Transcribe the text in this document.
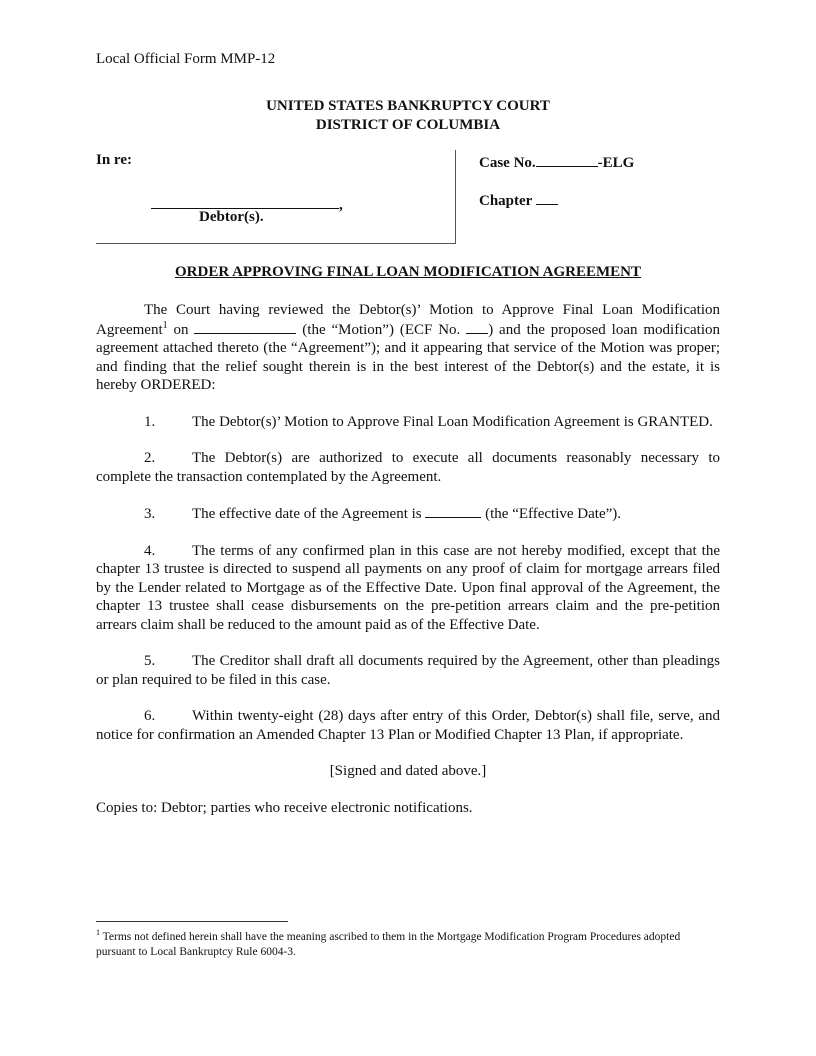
Local Official Form MMP-12
UNITED STATES BANKRUPTCY COURT
DISTRICT OF COLUMBIA
In re:
,
Debtor(s).
Case No.	-ELG
Chapter
ORDER APPROVING FINAL LOAN MODIFICATION AGREEMENT

The Court having reviewed the Debtor(s)’ Motion to Approve Final Loan Modification Agreement$^1$ on	(the “Motion”) (ECF No. ) and the proposed loan modification agreement attached thereto (the “Agreement”); and it appearing that service of the Motion was proper; and finding that the relief sought therein is in the best interest of the Debtor(s) and the estate, it is hereby ORDERED:

1. The Debtor(s)’ Motion to Approve Final Loan Modification Agreement is GRANTED.

2. The Debtor(s) are authorized to execute all documents reasonably necessary to complete the transaction contemplated by the Agreement.

3. The effective date of the Agreement is	(the “Effective Date”).

4. The terms of any confirmed plan in this case are not hereby modified, except that the chapter 13 trustee is directed to suspend all payments on any proof of claim for mortgage arrears filed by the Lender related to Mortgage as of the Effective Date. Upon final approval of the Agreement, the chapter 13 trustee shall cease disbursements on the pre-petition arrears claim and the pre-petition arrears claim shall be reduced to the amount paid as of the Effective Date.

5. The Creditor shall draft all documents required by the Agreement, other than pleadings or plan required to be filed in this case.

6. Within twenty-eight (28) days after entry of this Order, Debtor(s) shall file, serve, and notice for confirmation an Amended Chapter 13 Plan or Modified Chapter 13 Plan, if appropriate.

[Signed and dated above.]

Copies to: Debtor; parties who receive electronic notifications.

$^1$ Terms not defined herein shall have the meaning ascribed to them in the Mortgage Modification Program Procedures adopted pursuant to Local Bankruptcy Rule 6004-3.
